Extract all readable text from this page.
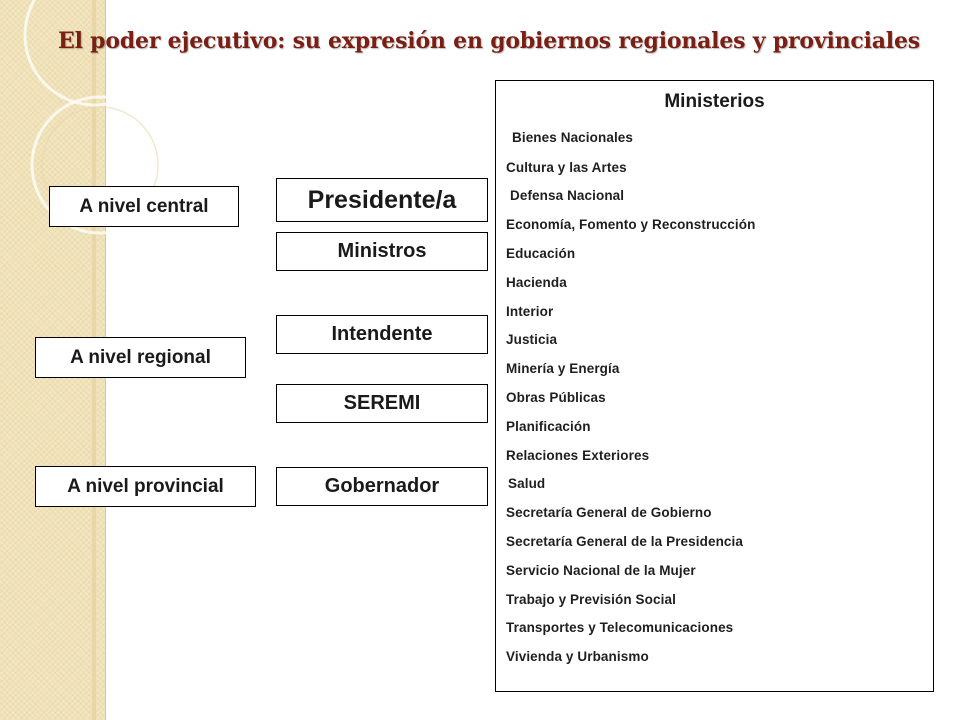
El poder ejecutivo: su expresión en gobiernos regionales y provinciales
A nivel central
A nivel regional
A nivel provincial
Presidente/a
Ministros
Intendente
SEREMI
Gobernador
Ministerios
Bienes Nacionales
Cultura y las Artes
Defensa Nacional
Economía, Fomento y Reconstrucción
Educación
Hacienda
Interior
Justicia
Minería y Energía
Obras Públicas
Planificación
Relaciones Exteriores
Salud
Secretaría General de Gobierno
Secretaría General de la Presidencia
Servicio Nacional de la Mujer
Trabajo y Previsión Social
Transportes y Telecomunicaciones
Vivienda y Urbanismo
